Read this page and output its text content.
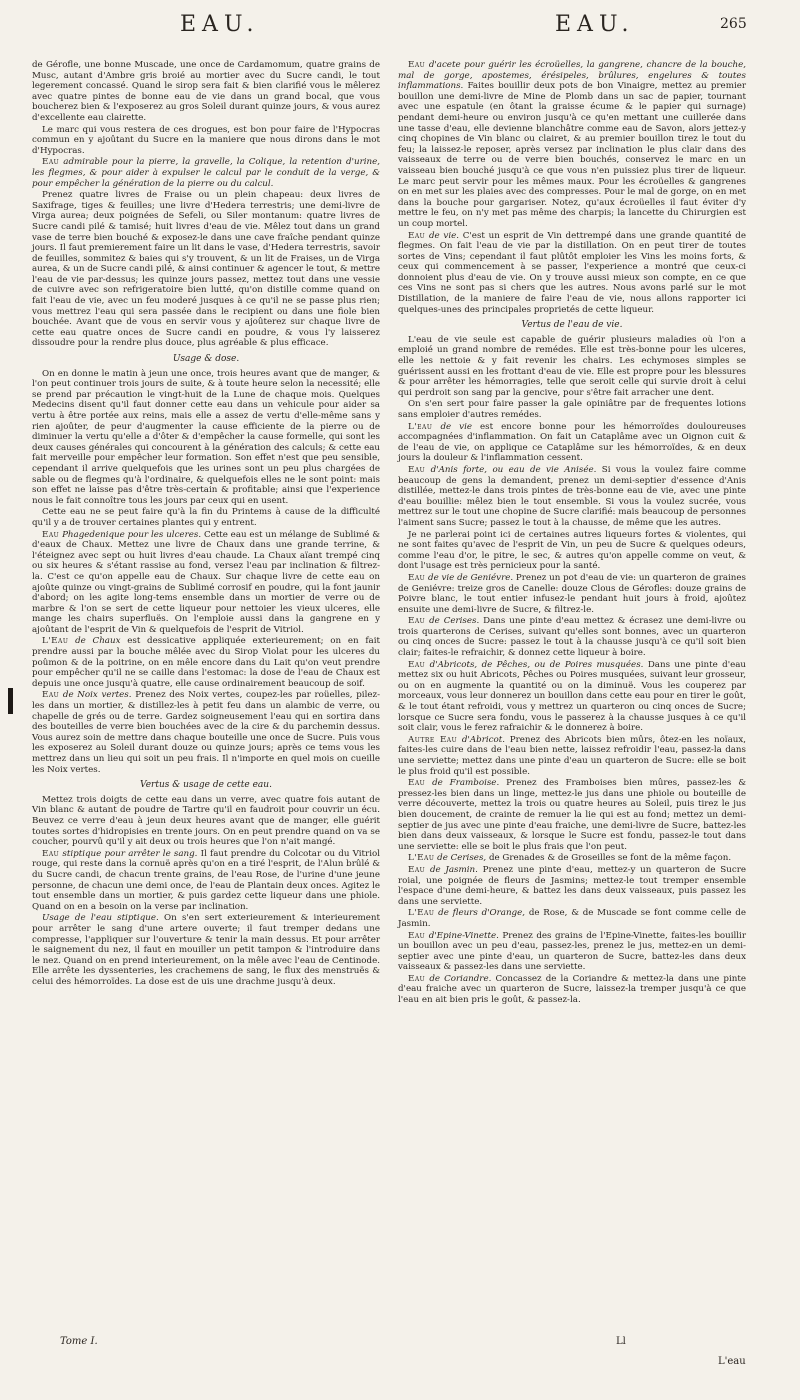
EAU.	EAU.	265

de Gérofle, une bonne Muscade, une once de Cardamomum, quatre grains de Musc, autant d'Ambre gris broié au mortier avec du Sucre candi, le tout legerement concassé. Quand le sirop sera fait & bien clarifié vous le mêlerez avec quatre pintes de bonne eau de vie dans un grand bocal, que vous boucherez bien & l'exposerez au gros Soleil durant quinze jours, & vous aurez d'excellente eau clairette.

Le marc qui vous restera de ces drogues, est bon pour faire de l'Hypocras commun en y ajoûtant du Sucre en la maniere que nous dirons dans le mot d'Hypocras.

Eau admirable pour la pierre, la gravelle, la Colique, la retention d'urine, les flegmes, & pour aider à expulser le calcul par le conduit de la verge, & pour empêcher la génération de la pierre ou du calcul.

Prenez quatre livres de Fraise ou un plein chapeau: deux livres de Saxifrage, tiges & feuilles; une livre d'Hedera terrestris; une demi-livre de Virga aurea; deux poignées de Sefeli, ou Siler montanum: quatre livres de Sucre candi pilé & tamisé; huit livres d'eau de vie. Mêlez tout dans un grand vase de terre bien bouché & exposez-le dans une cave fraîche pendant quinze jours. Il faut premierement faire un lit dans le vase, d'Hedera terrestris, savoir de feuilles, sommitez & baies qui s'y trouvent, & un lit de Fraises, un de Virga aurea, & un de Sucre candi pilé, & ainsi continuer & agencer le tout, & mettre l'eau de vie par-dessus; les quinze jours passez, mettez tout dans une vessie de cuivre avec son refrigeratoire bien lutté, qu'on distille comme quand on fait l'eau de vie, avec un feu moderé jusques à ce qu'il ne se passe plus rien; vous mettrez l'eau qui sera passée dans le recipient ou dans une fiole bien bouchée. Avant que de vous en servir vous y ajoûterez sur chaque livre de cette eau quatre onces de Sucre candi en poudre, & vous l'y laisserez dissoudre pour la rendre plus douce, plus agréable & plus efficace.

Usage & dose.

On en donne le matin à jeun une once, trois heures avant que de manger, & l'on peut continuer trois jours de suite, & à toute heure selon la necessité; elle se prend par précaution le vingt-huit de la Lune de chaque mois. Quelques Medecins disent qu'il faut donner cette eau dans un vehicule pour aider sa vertu à être portée aux reins, mais elle a assez de vertu d'elle-même sans y rien ajoûter, de peur d'augmenter la cause efficiente de la pierre ou de diminuer la vertu qu'elle a d'ôter & d'empêcher la cause formelle, qui sont les deux causes générales qui concourent à la génération des calculs; & cette eau fait merveille pour empêcher leur formation. Son effet n'est que peu sensible, cependant il arrive quelquefois que les urines sont un peu plus chargées de sable ou de flegmes qu'à l'ordinaire, & quelquefois elles ne le sont point: mais son effet ne laisse pas d'être très-certain & profitable; ainsi que l'experience nous le fait connoître tous les jours par ceux qui en usent.

Cette eau ne se peut faire qu'à la fin du Printems à cause de la difficulté qu'il y a de trouver certaines plantes qui y entrent.

Eau Phagedenique pour les ulceres. Cette eau est un mélange de Sublimé & d'eaux de Chaux. Mettez une livre de Chaux dans une grande terrine, & l'éteignez avec sept ou huit livres d'eau chaude. La Chaux aïant trempé cinq ou six heures & s'étant rassise au fond, versez l'eau par inclination & filtrez-la. C'est ce qu'on appelle eau de Chaux. Sur chaque livre de cette eau on ajoûte quinze ou vingt-grains de Sublimé corrosif en poudre, qui la font jaunir d'abord; on les agite long-tems ensemble dans un mortier de verre ou de marbre & l'on se sert de cette liqueur pour nettoier les vieux ulceres, elle mange les chairs superfluës. On l'emploie aussi dans la gangrene en y ajoûtant de l'esprit de Vin & quelquefois de l'esprit de Vitriol.

L'Eau de Chaux est dessicative appliquée exterieurement; on en fait prendre aussi par la bouche mêlée avec du Sirop Violat pour les ulceres du poûmon & de la poitrine, on en mêle encore dans du Lait qu'on veut prendre pour empêcher qu'il ne se caille dans l'estomac: la dose de l'eau de Chaux est depuis une once jusqu'à quatre, elle cause ordinairement beaucoup de soif.

Eau de Noix vertes. Prenez des Noix vertes, coupez-les par roüelles, pilez-les dans un mortier, & distillez-les à petit feu dans un alambic de verre, ou chapelle de grés ou de terre. Gardez soigneusement l'eau qui en sortira dans des bouteilles de verre bien bouchées avec de la cire & du parchemin dessus. Vous aurez soin de mettre dans chaque bouteille une once de Sucre. Puis vous les exposerez au Soleil durant douze ou quinze jours; après ce tems vous les mettrez dans un lieu qui soit un peu frais. Il n'importe en quel mois on cueille les Noix vertes.

Vertus & usage de cette eau.

Mettez trois doigts de cette eau dans un verre, avec quatre fois autant de Vin blanc & autant de poudre de Tartre qu'il en faudroit pour couvrir un écu. Beuvez ce verre d'eau à jeun deux heures avant que de manger, elle guérit toutes sortes d'hidropisies en trente jours. On en peut prendre quand on va se coucher, pourvû qu'il y ait deux ou trois heures que l'on n'ait mangé.

Eau stiptique pour arrêter le sang. Il faut prendre du Colcotar ou du Vitriol rouge, qui reste dans la cornuë après qu'on en a tiré l'esprit, de l'Alun brûlé & du Sucre candi, de chacun trente grains, de l'eau Rose, de l'urine d'une jeune personne, de chacun une demi once, de l'eau de Plantain deux onces. Agitez le tout ensemble dans un mortier, & puis gardez cette liqueur dans une phiole. Quand on en a besoin on la verse par inclination.

Usage de l'eau stiptique. On s'en sert exterieurement & interieurement pour arrêter le sang d'une artere ouverte; il faut tremper dedans une compresse, l'appliquer sur l'ouverture & tenir la main dessus. Et pour arrêter le saignement du nez, il faut en mouiller un petit tampon & l'introduire dans le nez. Quand on en prend interieurement, on la mêle avec l'eau de Centinode. Elle arrête les dyssenteries, les crachemens de sang, le flux des menstruës & celui des hémorroïdes. La dose est de uis une drachme jusqu'à deux.

Eau d'acete pour guérir les écroüelles, la gangrene, chancre de la bouche, mal de gorge, apostemes, érésipeles, brûlures, engelures & toutes inflammations. Faites bouillir deux pots de bon Vinaigre, mettez au premier bouillon une demi-livre de Mine de Plomb dans un sac de papier, tournant avec une espatule (en ôtant la graisse écume & le papier qui surnage) pendant demi-heure ou environ jusqu'à ce qu'en mettant une cuillerée dans une tasse d'eau, elle devienne blanchâtre comme eau de Savon, alors jettez-y cinq chopines de Vin blanc ou clairet, & au premier bouillon tirez le tout du feu; la laissez-le reposer, après versez par inclination le plus clair dans des vaisseaux de terre ou de verre bien bouchés, conservez le marc en un vaisseau bien bouché jusqu'à ce que vous n'en puissiez plus tirer de liqueur. Le marc peut servir pour les mêmes maux. Pour les écroüelles & gangrenes on en met sur les plaies avec des compresses. Pour le mal de gorge, on en met dans la bouche pour gargariser. Notez, qu'aux écroüelles il faut éviter d'y mettre le feu, on n'y met pas même des charpis; la lancette du Chirurgien est un coup mortel.

Eau de vie. C'est un esprit de Vin dettrempé dans une grande quantité de flegmes. On fait l'eau de vie par la distillation. On en peut tirer de toutes sortes de Vins; cependant il faut plûtôt emploier les Vins les moins forts, & ceux qui commencement à se passer, l'experience a montré que ceux-ci donnoient plus d'eau de vie. On y trouve aussi mieux son compte, en ce que ces Vins ne sont pas si chers que les autres. Nous avons parlé sur le mot Distillation, de la maniere de faire l'eau de vie, nous allons rapporter ici quelques-unes des principales proprietés de cette liqueur.

Vertus de l'eau de vie.

L'eau de vie seule est capable de guérir plusieurs maladies où l'on a emploié un grand nombre de remédes. Elle est très-bonne pour les ulceres, elle les nettoie & y fait revenir les chairs. Les echymoses simples se guérissent aussi en les frottant d'eau de vie. Elle est propre pour les blessures & pour arrêter les hémorragies, telle que seroit celle qui survie droit à celui qui perdroit son sang par la gencive, pour s'être fait arracher une dent.

On s'en sert pour faire passer la gale opiniâtre par de frequentes lotions sans emploier d'autres remédes.

L'eau de vie est encore bonne pour les hémorroïdes douloureuses accompagnées d'inflammation. On fait un Cataplâme avec un Oignon cuit & de l'eau de vie, on applique ce Cataplâme sur les hémorroïdes, & en deux jours la douleur & l'inflammation cessent.

Eau d'Anis forte, ou eau de vie Anisée. Si vous la voulez faire comme beaucoup de gens la demandent, prenez un demi-septier d'essence d'Anis distillée, mettez-le dans trois pintes de très-bonne eau de vie, avec une pinte d'eau bouillie: mêlez bien le tout ensemble. Si vous la voulez sucrée, vous mettrez sur le tout une chopine de Sucre clarifié: mais beaucoup de personnes l'aiment sans Sucre; passez le tout à la chausse, de même que les autres.

Je ne parlerai point ici de certaines autres liqueurs fortes & violentes, qui ne sont faites qu'avec de l'esprit de Vin, un peu de Sucre & quelques odeurs, comme l'eau d'or, le pitre, le sec, & autres qu'on appelle comme on veut, & dont l'usage est très pernicieux pour la santé.

Eau de vie de Geniévre. Prenez un pot d'eau de vie: un quarteron de graines de Geniévre: treize gros de Canelle: douze Clous de Gérofles: douze grains de Poivre blanc, le tout entier infusez-le pendant huit jours à froid, ajoûtez ensuite une demi-livre de Sucre, & filtrez-le.

Eau de Cerises. Dans une pinte d'eau mettez & écrasez une demi-livre ou trois quarterons de Cerises, suivant qu'elles sont bonnes, avec un quarteron ou cinq onces de Sucre: passez le tout à la chausse jusqu'à ce qu'il soit bien clair; faites-le refraichir, & donnez cette liqueur à boire.

Eau d'Abricots, de Pêches, ou de Poires musquées. Dans une pinte d'eau mettez six ou huit Abricots, Pêches ou Poires musquées, suivant leur grosseur, ou on en augmente la quantité ou on la diminuë. Vous les couperez par morceaux, vous leur donnerez un bouillon dans cette eau pour en tirer le goût, & le tout étant refroidi, vous y mettrez un quarteron ou cinq onces de Sucre; lorsque ce Sucre sera fondu, vous le passerez à la chausse jusques à ce qu'il soit clair, vous le ferez rafraichir & le donnerez à boire.

Autre Eau d'Abricot. Prenez des Abricots bien mûrs, ôtez-en les noïaux, faites-les cuire dans de l'eau bien nette, laissez refroidir l'eau, passez-la dans une serviette; mettez dans une pinte d'eau un quarteron de Sucre: elle se boit le plus froid qu'il est possible.

Eau de Framboise. Prenez des Framboises bien mûres, passez-les & pressez-les bien dans un linge, mettez-le jus dans une phiole ou bouteille de verre découverte, mettez la trois ou quatre heures au Soleil, puis tirez le jus bien doucement, de crainte de remuer la lie qui est au fond; mettez un demi-septier de jus avec une pinte d'eau fraiche, une demi-livre de Sucre, battez-les bien dans deux vaisseaux, & lorsque le Sucre est fondu, passez-le tout dans une serviette: elle se boit le plus frais que l'on peut.

L'Eau de Cerises, de Grenades & de Groseilles se font de la même façon.

Eau de Jasmin. Prenez une pinte d'eau, mettez-y un quarteron de Sucre roial, une poignée de fleurs de Jasmins; mettez-le tout tremper ensemble l'espace d'une demi-heure, & battez les dans deux vaisseaux, puis passez les dans une serviette.

L'Eau de fleurs d'Orange, de Rose, & de Muscade se font comme celle de Jasmin.

Eau d'Epine-Vinette. Prenez des grains de l'Epine-Vinette, faites-les bouillir un bouillon avec un peu d'eau, passez-les, prenez le jus, mettez-en un demi-septier avec une pinte d'eau, un quarteron de Sucre, battez-les dans deux vaisseaux & passez-les dans une serviette.

Eau de Coriandre. Concassez de la Coriandre & mettez-la dans une pinte d'eau fraiche avec un quarteron de Sucre, laissez-la tremper jusqu'à ce que l'eau en ait bien pris le goût, & passez-la.

Tome I.	Ll
L'eau
